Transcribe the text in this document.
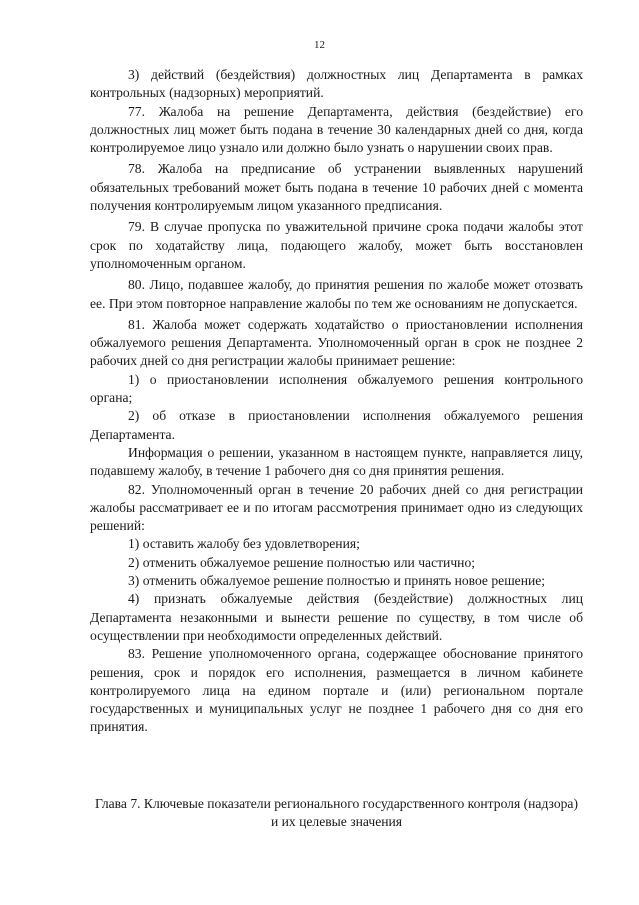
12

3) действий (бездействия) должностных лиц Департамента в рамках контрольных (надзорных) мероприятий.

77. Жалоба на решение Департамента, действия (бездействие) его должностных лиц может быть подана в течение 30 календарных дней со дня, когда контролируемое лицо узнало или должно было узнать о нарушении своих прав.

78. Жалоба на предписание об устранении выявленных нарушений обязательных требований может быть подана в течение 10 рабочих дней с момента получения контролируемым лицом указанного предписания.

79. В случае пропуска по уважительной причине срока подачи жалобы этот срок по ходатайству лица, подающего жалобу, может быть восстановлен уполномоченным органом.

80. Лицо, подавшее жалобу, до принятия решения по жалобе может отозвать ее. При этом повторное направление жалобы по тем же основаниям не допускается.

81. Жалоба может содержать ходатайство о приостановлении исполнения обжалуемого решения Департамента. Уполномоченный орган в срок не позднее 2 рабочих дней со дня регистрации жалобы принимает решение:

1) о приостановлении исполнения обжалуемого решения контрольного органа;

2) об отказе в приостановлении исполнения обжалуемого решения Департамента.

Информация о решении, указанном в настоящем пункте, направляется лицу, подавшему жалобу, в течение 1 рабочего дня со дня принятия решения.

82. Уполномоченный орган в течение 20 рабочих дней со дня регистрации жалобы рассматривает ее и по итогам рассмотрения принимает одно из следующих решений:

1) оставить жалобу без удовлетворения;

2) отменить обжалуемое решение полностью или частично;

3) отменить обжалуемое решение полностью и принять новое решение;

4) признать обжалуемые действия (бездействие) должностных лиц Департамента незаконными и вынести решение по существу, в том числе об осуществлении при необходимости определенных действий.

83. Решение уполномоченного органа, содержащее обоснование принятого решения, срок и порядок его исполнения, размещается в личном кабинете контролируемого лица на едином портале и (или) региональном портале государственных и муниципальных услуг не позднее 1 рабочего дня со дня его принятия.

Глава 7. Ключевые показатели регионального государственного контроля (надзора) и их целевые значения
